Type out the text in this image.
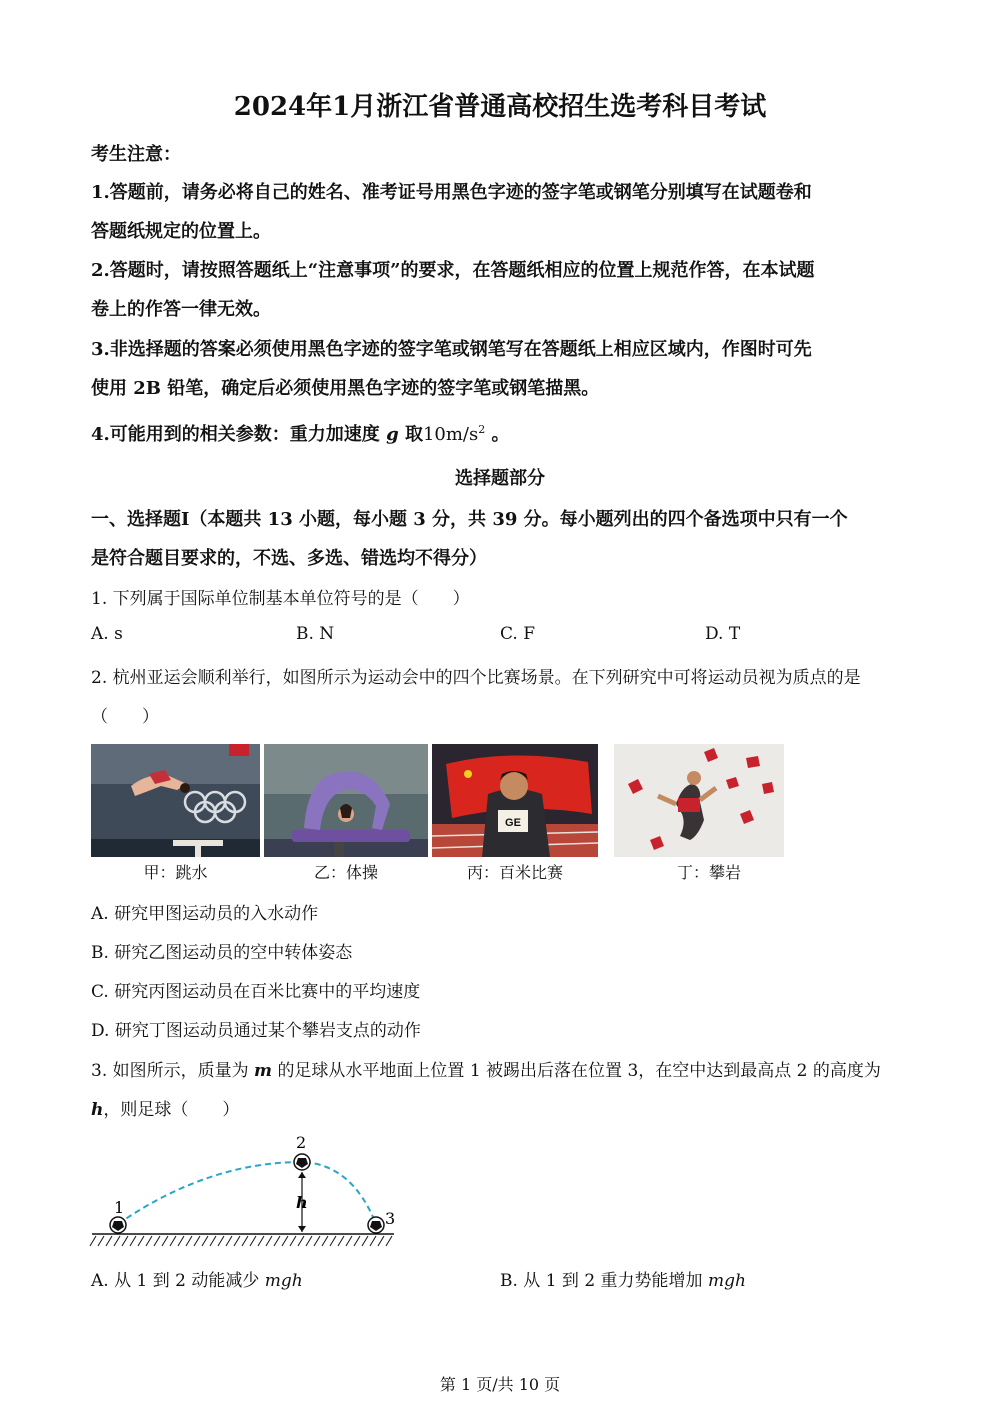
2024年1月浙江省普通高校招生选考科目考试
考生注意：
1.答题前，请务必将自己的姓名、准考证号用黑色字迹的签字笔或钢笔分别填写在试题卷和
答题纸规定的位置上。
2.答题时，请按照答题纸上“注意事项”的要求，在答题纸相应的位置上规范作答，在本试题
卷上的作答一律无效。
3.非选择题的答案必须使用黑色字迹的签字笔或钢笔写在答题纸上相应区域内，作图时可先
使用 2B 铅笔，确定后必须使用黑色字迹的签字笔或钢笔描黑。
4.可能用到的相关参数：重力加速度 g 取$10m/s^2$ 。
选择题部分
一、选择题Ⅰ（本题共 13 小题，每小题 3 分，共 39 分。每小题列出的四个备选项中只有一个
是符合题目要求的，不选、多选、错选均不得分）
1. 下列属于国际单位制基本单位符号的是（　　）
A. s	B. N	C. F	D. T
2. 杭州亚运会顺利举行，如图所示为运动会中的四个比赛场景。在下列研究中可将运动员视为质点的是
（　　）
GE
甲：跳水	乙：体操	丙：百米比赛	丁：攀岩
A. 研究甲图运动员的入水动作
B. 研究乙图运动员的空中转体姿态
C. 研究丙图运动员在百米比赛中的平均速度
D. 研究丁图运动员通过某个攀岩支点的动作
3. 如图所示，质量为 m 的足球从水平地面上位置 1 被踢出后落在位置 3，在空中达到最高点 2 的高度为
h，则足球（　　）
1
2
3
h
A. 从 1 到 2 动能减少 mgh	B. 从 1 到 2 重力势能增加 mgh
第 1 页/共 10 页
